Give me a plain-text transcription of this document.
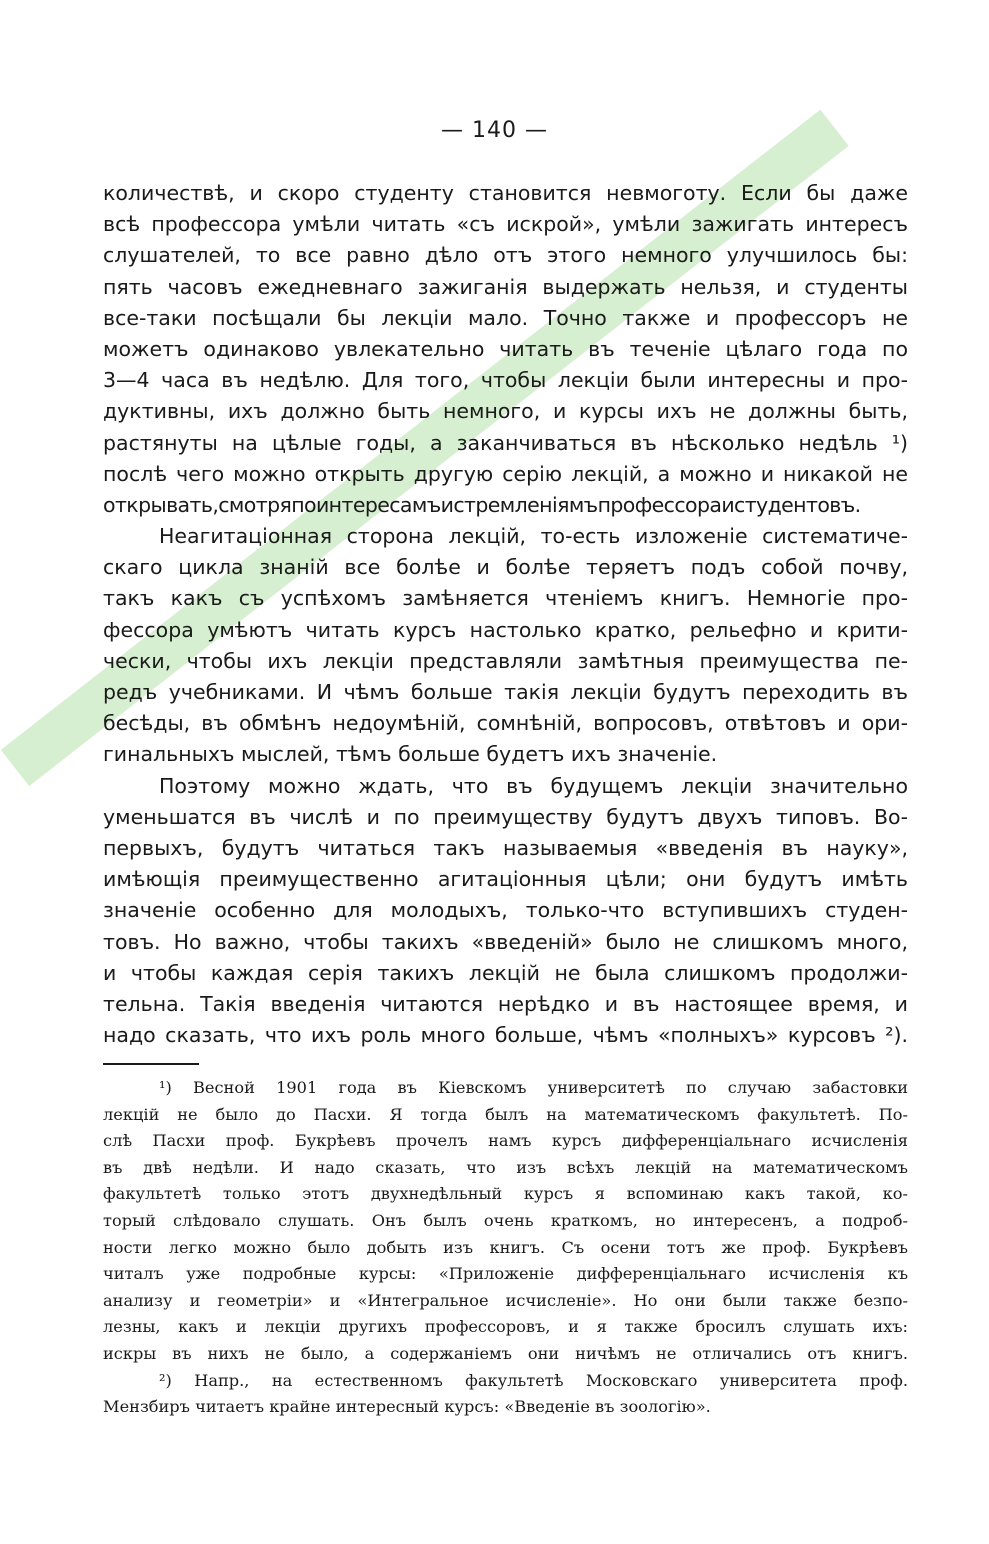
— 140 —
количествѣ, и скоро студенту становится невмоготу. Если бы даже
всѣ профессора умѣли читать «съ искрой», умѣли зажигать интересъ
слушателей, то все равно дѣло отъ этого немного улучшилось бы:
пять часовъ ежедневнаго зажиганія выдержать нельзя, и студенты
все-таки посѣщали бы лекціи мало. Точно также и профессоръ не
можетъ одинаково увлекательно читать въ теченіе цѣлаго года по
3—4 часа въ недѣлю. Для того, чтобы лекціи были интересны и про-
дуктивны, ихъ должно быть немного, и курсы ихъ не должны быть,
растянуты на цѣлые годы, а заканчиваться въ нѣсколько недѣль ¹)
послѣ чего можно открыть другую серію лекцій, а можно и никакой не
открывать,смотряпоинтересамъистремленіямъпрофессораистудентовъ.
Неагитаціонная сторона лекцій, то-есть изложеніе систематиче-
скаго цикла знаній все болѣе и болѣе теряетъ подъ собой почву,
такъ какъ съ успѣхомъ замѣняется чтеніемъ книгъ. Немногіе про-
фессора умѣютъ читать курсъ настолько кратко, рельефно и крити-
чески, чтобы ихъ лекціи представляли замѣтныя преимущества пе-
редъ учебниками. И чѣмъ больше такія лекціи будутъ переходить въ
бесѣды, въ обмѣнъ недоумѣній, сомнѣній, вопросовъ, отвѣтовъ и ори-
гинальныхъ мыслей, тѣмъ больше будетъ ихъ значеніе.
Поэтому можно ждать, что въ будущемъ лекціи значительно
уменьшатся въ числѣ и по преимуществу будутъ двухъ типовъ. Во-
первыхъ, будутъ читаться такъ называемыя «введенія въ науку»,
имѣющія преимущественно агитаціонныя цѣли; они будутъ имѣть
значеніе особенно для молодыхъ, только-что вступившихъ студен-
товъ. Но важно, чтобы такихъ «введеній» было не слишкомъ много,
и чтобы каждая серія такихъ лекцій не была слишкомъ продолжи-
тельна. Такія введенія читаются нерѣдко и въ настоящее время, и
надо сказать, что ихъ роль много больше, чѣмъ «полныхъ» курсовъ ²).
¹) Весной 1901 года въ Кіевскомъ университетѣ по случаю забастовки
лекцій не было до Пасхи. Я тогда былъ на математическомъ факультетѣ. По-
слѣ Пасхи проф. Букрѣевъ прочелъ намъ курсъ дифференціальнаго исчисленія
въ двѣ недѣли. И надо сказать, что изъ всѣхъ лекцій на математическомъ
факультетѣ только этотъ двухнедѣльный курсъ я вспоминаю какъ такой, ко-
торый слѣдовало слушать. Онъ былъ очень краткомъ, но интересенъ, а подроб-
ности легко можно было добыть изъ книгъ. Съ осени тотъ же проф. Букрѣевъ
читалъ уже подробные курсы: «Приложеніе дифференціальнаго исчисленія къ
анализу и геометріи» и «Интегральное исчисленіе». Но они были также безпо-
лезны, какъ и лекціи другихъ профессоровъ, и я также бросилъ слушать ихъ:
искры въ нихъ не было, а содержаніемъ они ничѣмъ не отличались отъ книгъ.
²) Напр., на естественномъ факультетѣ Московскаго университета проф.
Мензбиръ читаетъ крайне интересный курсъ: «Введеніе въ зоологію».
